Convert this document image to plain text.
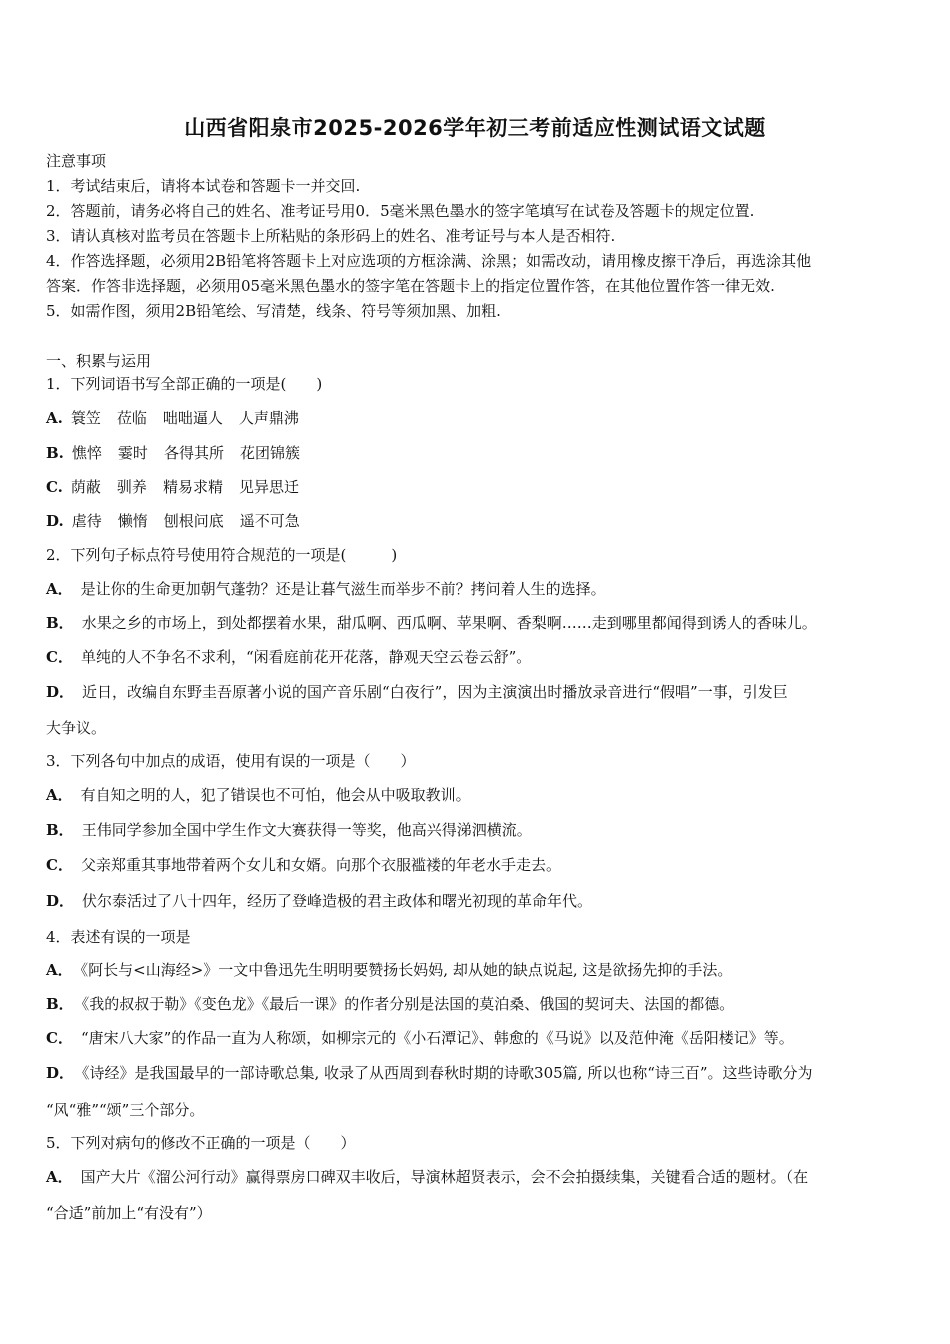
山西省阳泉市2025-2026学年初三考前适应性测试语文试题
注意事项
1．考试结束后，请将本试卷和答题卡一并交回.
2．答题前，请务必将自己的姓名、准考证号用0．5毫米黑色墨水的签字笔填写在试卷及答题卡的规定位置.
3．请认真核对监考员在答题卡上所粘贴的条形码上的姓名、准考证号与本人是否相符.
4．作答选择题，必须用2B铅笔将答题卡上对应选项的方框涂满、涂黑；如需改动，请用橡皮擦干净后，再选涂其他
答案．作答非选择题，必须用05毫米黑色墨水的签字笔在答题卡上的指定位置作答，在其他位置作答一律无效.
5．如需作图，须用2B铅笔绘、写清楚，线条、符号等须加黑、加粗.
一、积累与运用
1．下列词语书写全部正确的一项是(　　)
A. 簑笠 莅临 咄咄逼人 人声鼎沸
B. 憔悴 霎时 各得其所 花团锦簇
C. 荫蔽 驯养 精易求精 见异思迁
D. 虐待 懒惰 刨根问底 遥不可急
2．下列句子标点符号使用符合规范的一项是(　　　)
A． 是让你的生命更加朝气蓬勃？还是让暮气滋生而举步不前？拷问着人生的选择。
B． 水果之乡的市场上，到处都摆着水果，甜瓜啊、西瓜啊、苹果啊、香梨啊……走到哪里都闻得到诱人的香味儿。
C． 单纯的人不争名不求利，“闲看庭前花开花落，静观天空云卷云舒”。
D． 近日，改编自东野圭吾原著小说的国产音乐剧“白夜行”，因为主演演出时播放录音进行“假唱”一事，引发巨
大争议。
3．下列各句中加点的成语，使用有误的一项是（　　）
A． 有自知之明的人，犯了错误也不可怕，他会从中吸取教训。
B． 王伟同学参加全国中学生作文大赛获得一等奖，他高兴得涕泗横流。
C． 父亲郑重其事地带着两个女儿和女婿。向那个衣服褴褛的年老水手走去。
D． 伏尔泰活过了八十四年，经历了登峰造极的君主政体和曙光初现的革命年代。
4．表述有误的一项是
A． 《阿长与<山海经>》一文中鲁迅先生明明要赞扬长妈妈, 却从她的缺点说起, 这是欲扬先抑的手法。
B． 《我的叔叔于勒》《变色龙》《最后一课》的作者分别是法国的莫泊桑、俄国的契诃夫、法国的都德。
C． “唐宋八大家”的作品一直为人称颂，如柳宗元的《小石潭记》、韩愈的《马说》以及范仲淹《岳阳楼记》等。
D． 《诗经》是我国最早的一部诗歌总集, 收录了从西周到春秋时期的诗歌305篇, 所以也称“诗三百”。这些诗歌分为
“风“雅”“颂”三个部分。
5．下列对病句的修改不正确的一项是（　　）
A． 国产大片《溜公河行动》赢得票房口碑双丰收后，导演林超贤表示，会不会拍摄续集，关键看合适的题材。（在
“合适”前加上“有没有”）
